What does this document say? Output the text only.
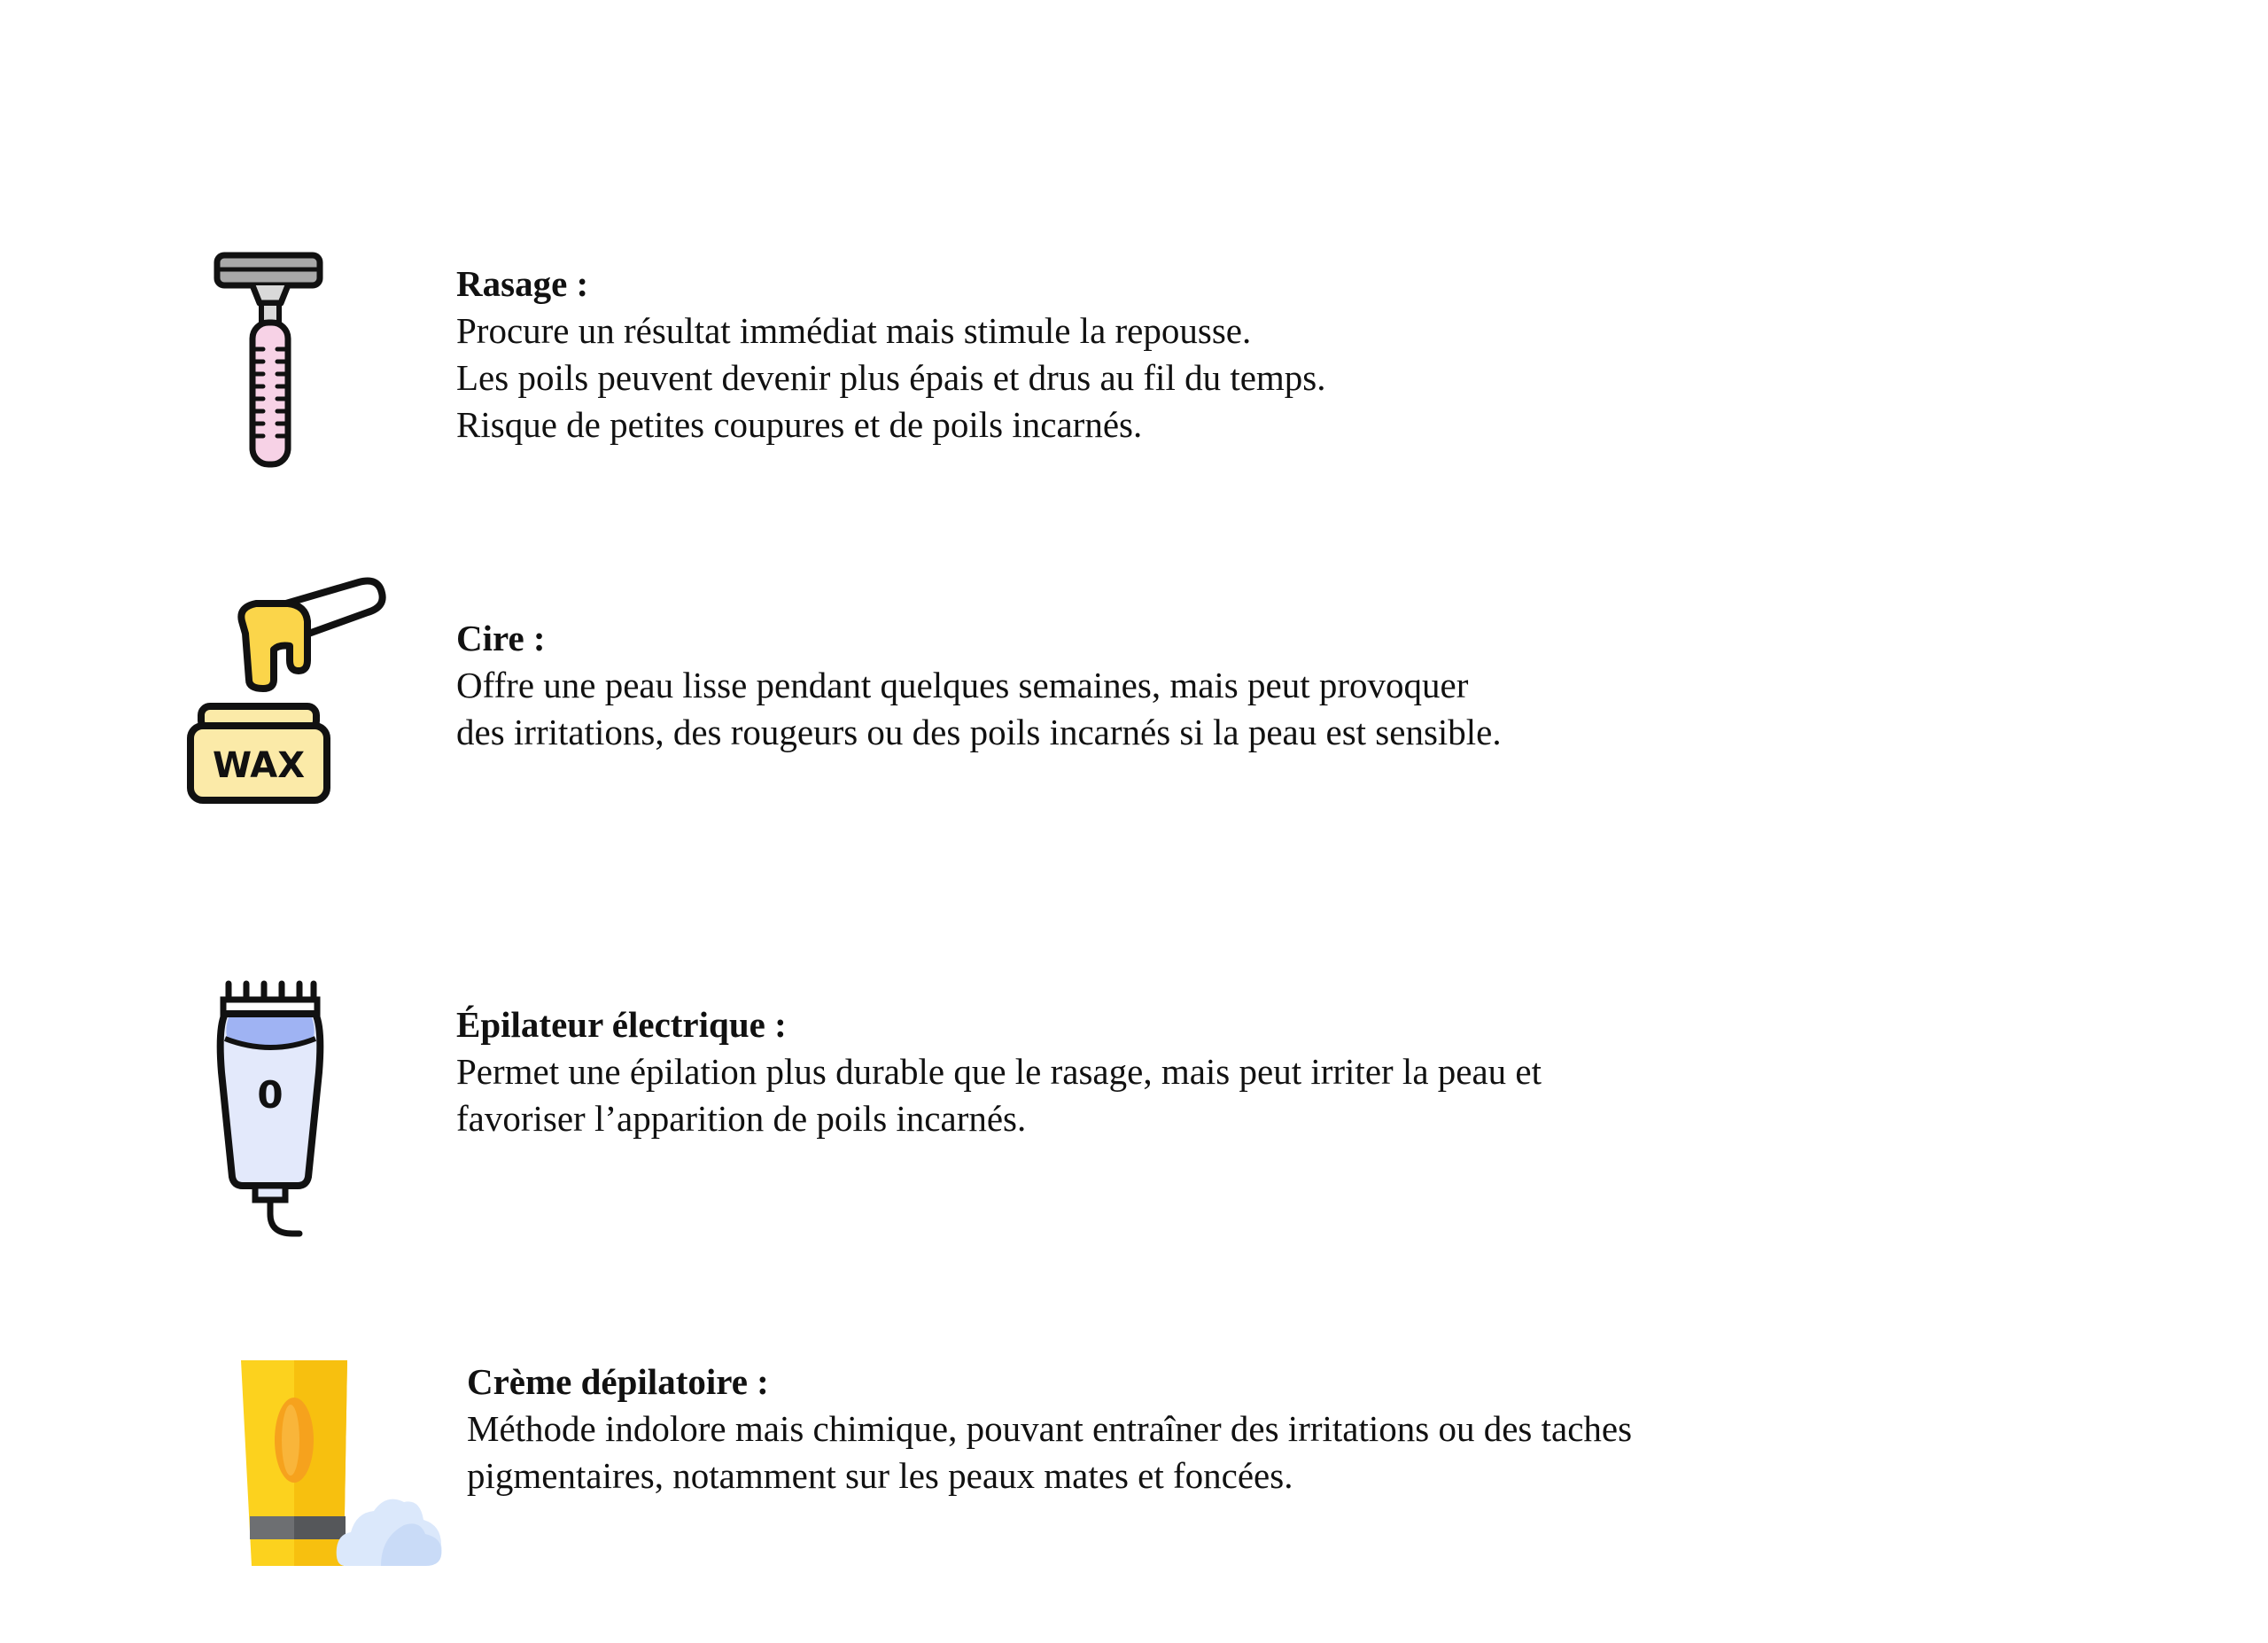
Rasage :
Procure un résultat immédiat mais stimule la repousse.
Les poils peuvent devenir plus épais et drus au fil du temps.
Risque de petites coupures et de poils incarnés.
WAX
Cire :
Offre une peau lisse pendant quelques semaines, mais peut provoquer
des irritations, des rougeurs ou des poils incarnés si la peau est sensible.
0
Épilateur électrique :
Permet une épilation plus durable que le rasage, mais peut irriter la peau et
favoriser l’apparition de poils incarnés.
Crème dépilatoire :
Méthode indolore mais chimique, pouvant entraîner des irritations ou des taches
pigmentaires, notamment sur les peaux mates et foncées.
